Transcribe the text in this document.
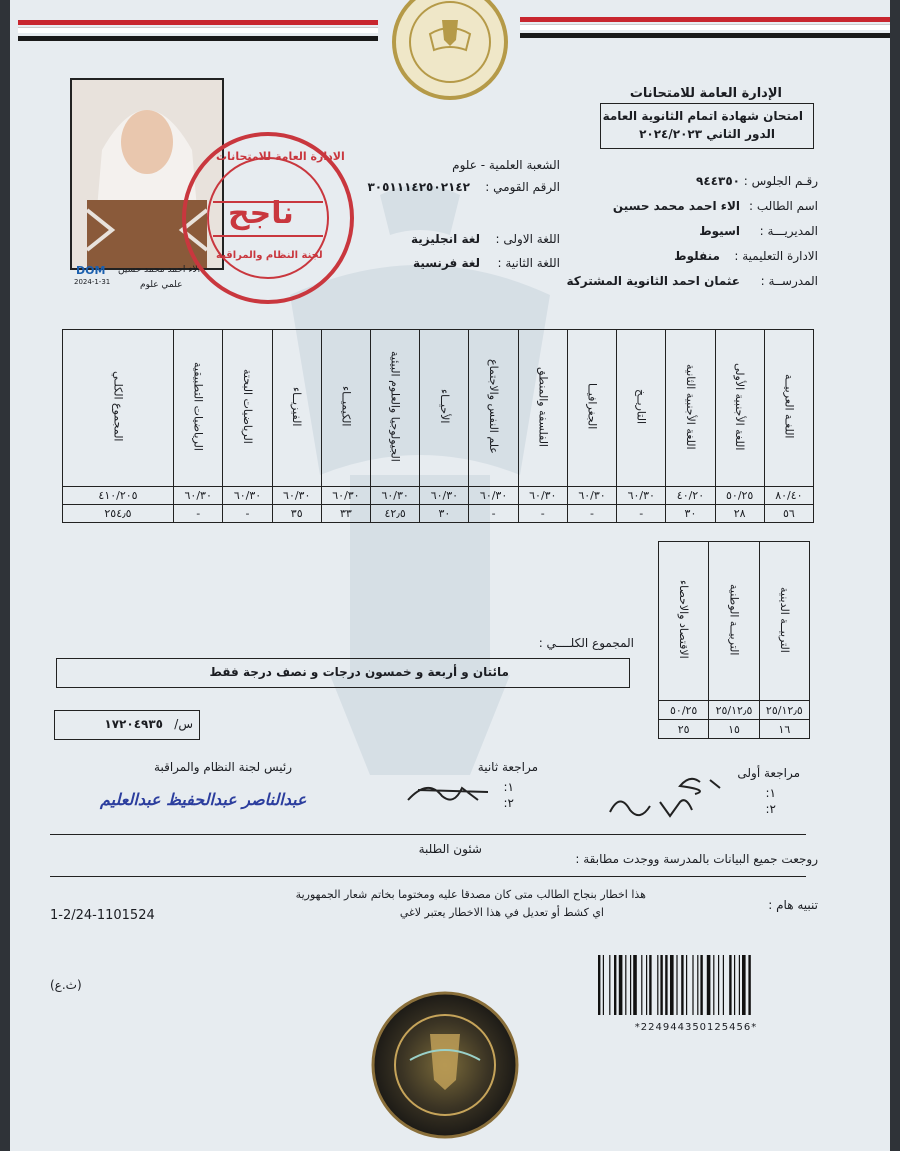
الإدارة العامة للامتحانات
امتحان شهادة اتمام الثانوية العامة
الدور الثاني ٢٠٢٤/٢٠٢٣
رقـم الجلوس :
٩٤٤٣٥٠
اسم الطالب :
الاء احمد محمد حسين
المديريـــة :
اسيوط
الادارة التعليمية :
منفلوط
المدرســة :
عثمان احمد الثانوية المشتركة
الشعبة العلمية - علوم
الرقم القومي :
٣٠٥١١١٤٢٥٠٢١٤٢
اللغة الاولى :
لغة انجليزية
اللغة الثانية :
لغة فرنسية
الاء احمد محمد حسين
علمي علوم
DOM
2024-1-31
الادارة العامة للامتحانات
ناجح
لجنة النظام والمراقبة
اللغـة العربيــة	اللغة الأجنبية الأولى	اللغة الأجنبية الثانية	التاريــخ	الجغرافيــا	الفلسفة والمنطق	علم النفس والاجتماع	الأحيــاء	الجيولوجيا والعلوم البيئية	الكيميــاء	الفيزيــاء	الرياضيات البحتة	الرياضيات التطبيقية	المجموع الكلـي
٨٠/٤٠	٥٠/٢٥	٤٠/٢٠	٦٠/٣٠	٦٠/٣٠	٦٠/٣٠	٦٠/٣٠	٦٠/٣٠	٦٠/٣٠	٦٠/٣٠	٦٠/٣٠	٦٠/٣٠	٦٠/٣٠	٤١٠/٢٠٥
٥٦	٢٨	٣٠	-	-	-	-	٣٠	٤٢٫٥	٣٣	٣٥	-	-	٢٥٤٫٥
التربيــة الدينية	التربيــة الوطنية	الاقتصاد والاحصاء
٢٥/١٢٫٥	٢٥/١٢٫٥	٥٠/٢٥
١٦	١٥	٢٥
المجموع الكلــــي :
مائتان و أربعة و خمسون درجات و نصف درجة فقط
س/
١٧٢٠٤٩٣٥
مراجعة أولى
١:
٢:
مراجعة ثانية
١:
٢:
رئيس لجنة النظام والمراقبة
عبدالناصر عبدالحفيظ عبدالعليم
شئون الطلبة
روجعت جميع البيانات بالمدرسة ووجدت مطابقة :
تنبيه هام :
هذا اخطار بنجاح الطالب متى كان مصدقا عليه ومختوما بخاتم شعار الجمهورية
اي كشط أو تعديل في هذا الاخطار يعتبر لاغي
1-2/24-1101524
*224944350125456*
(ث.ع)
